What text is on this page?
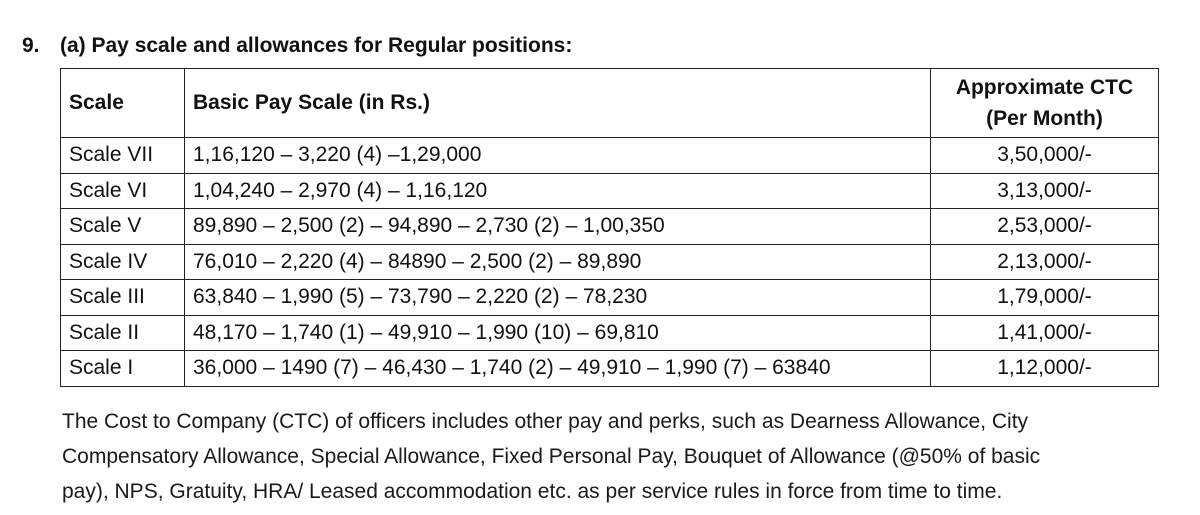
9. (a) Pay scale and allowances for Regular positions:
Scale	Basic Pay Scale (in Rs.)	Approximate CTC
(Per Month)
Scale VII	1,16,120 – 3,220 (4) –1,29,000	3,50,000/-
Scale VI	1,04,240 – 2,970 (4) – 1,16,120	3,13,000/-
Scale V	89,890 – 2,500 (2) – 94,890 – 2,730 (2) – 1,00,350	2,53,000/-
Scale IV	76,010 – 2,220 (4) – 84890 – 2,500 (2) – 89,890	2,13,000/-
Scale III	63,840 – 1,990 (5) – 73,790 – 2,220 (2) – 78,230	1,79,000/-
Scale II	48,170 – 1,740 (1) – 49,910 – 1,990 (10) – 69,810	1,41,000/-
Scale I	36,000 – 1490 (7) – 46,430 – 1,740 (2) – 49,910 – 1,990 (7) – 63840	1,12,000/-
The Cost to Company (CTC) of officers includes other pay and perks, such as Dearness Allowance, City
Compensatory Allowance, Special Allowance, Fixed Personal Pay, Bouquet of Allowance (@50% of basic
pay), NPS, Gratuity, HRA/ Leased accommodation etc. as per service rules in force from time to time.
